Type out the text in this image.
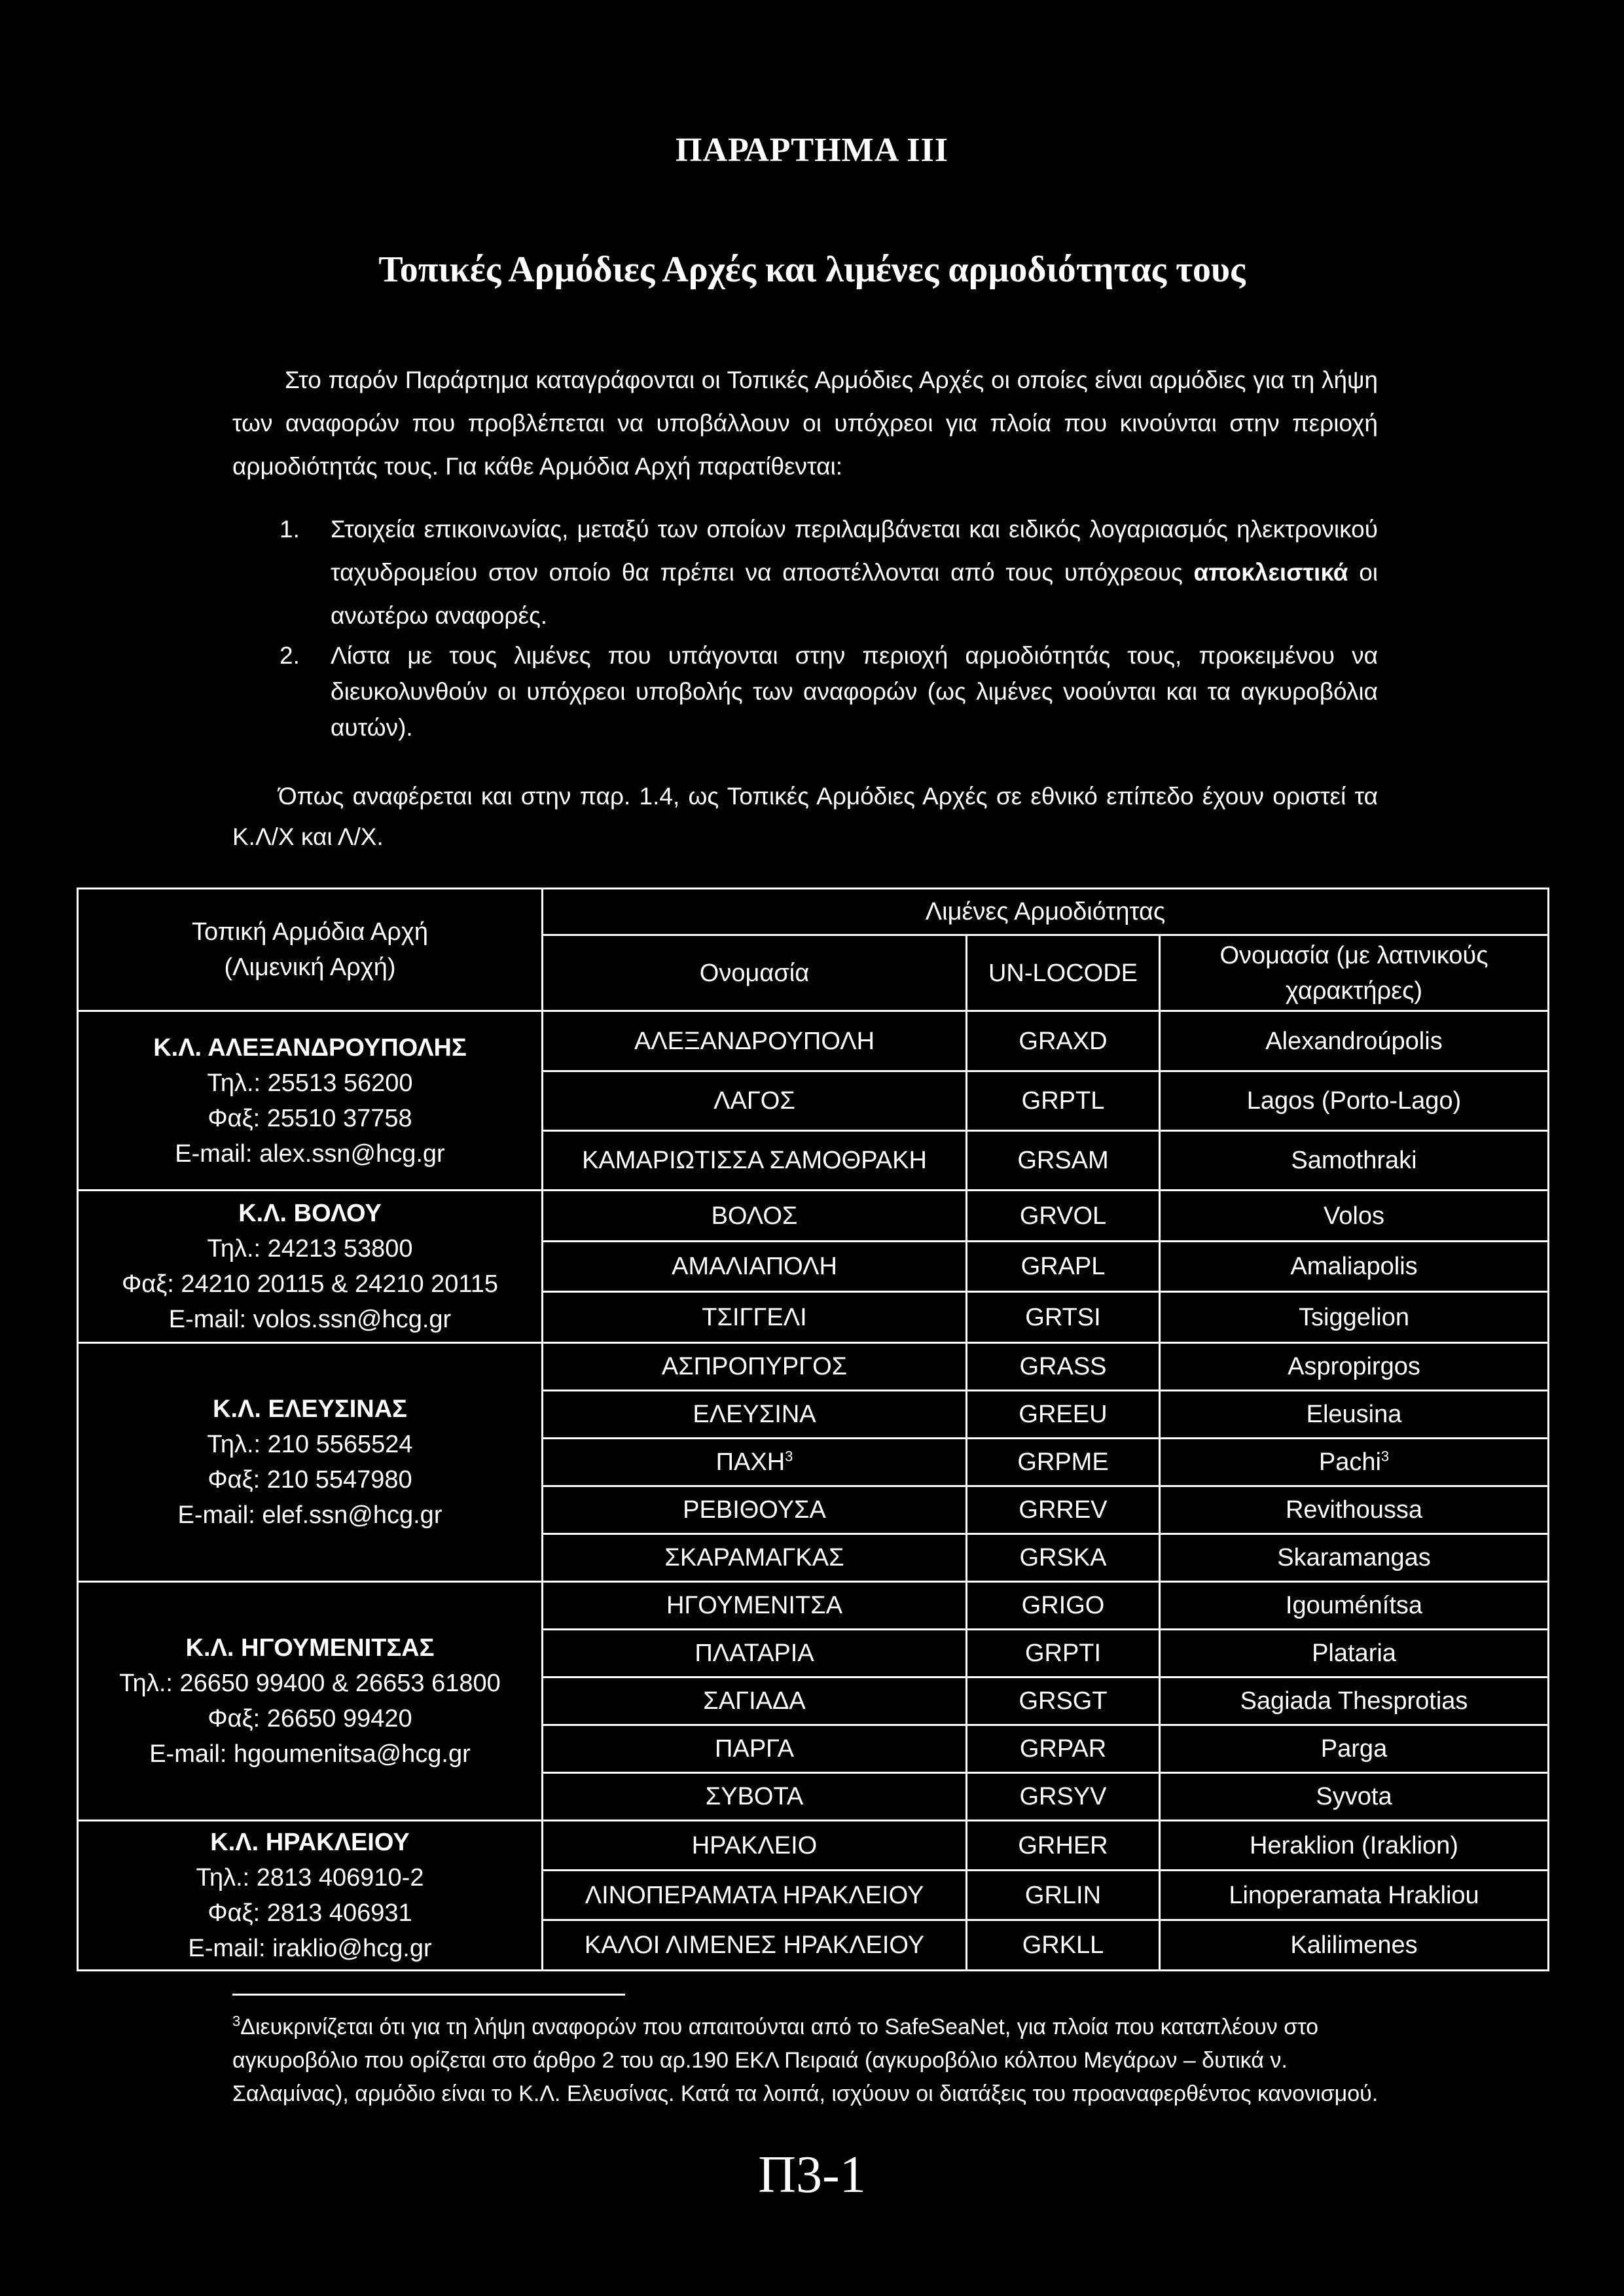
ΠΑΡΑΡΤΗΜΑ ΙΙΙ
Τοπικές Αρμόδιες Αρχές και λιμένες αρμοδιότητας τους

Στο παρόν Παράρτημα καταγράφονται οι Τοπικές Αρμόδιες Αρχές οι οποίες είναι αρμόδιες για τη λήψη των αναφορών που προβλέπεται να υποβάλλουν οι υπόχρεοι για πλοία που κινούνται στην περιοχή αρμοδιότητάς τους. Για κάθε Αρμόδια Αρχή παρατίθενται:

1. Στοιχεία επικοινωνίας, μεταξύ των οποίων περιλαμβάνεται και ειδικός λογαριασμός ηλεκτρονικού ταχυδρομείου στον οποίο θα πρέπει να αποστέλλονται από τους υπόχρεους αποκλειστικά οι ανωτέρω αναφορές.
2. Λίστα με τους λιμένες που υπάγονται στην περιοχή αρμοδιότητάς τους, προκειμένου να διευκολυνθούν οι υπόχρεοι υποβολής των αναφορών (ως λιμένες νοούνται και τα αγκυροβόλια αυτών).

Όπως αναφέρεται και στην παρ. 1.4, ως Τοπικές Αρμόδιες Αρχές σε εθνικό επίπεδο έχουν οριστεί τα Κ.Λ/Χ και Λ/Χ.

Τοπική Αρμόδια Αρχή
(Λιμενική Αρχή)	Λιμένες Αρμοδιότητας		
	Ονομασία	UN-LOCODE	Ονομασία (με λατινικούς χαρακτήρες)

Κ.Λ. ΑΛΕΞΑΝΔΡΟΥΠΟΛΗΣ
Τηλ.: 25513 56200
Φαξ: 25510 37758
E-mail: alex.ssn@hcg.gr	ΑΛΕΞΑΝΔΡΟΥΠΟΛΗ	GRAXD	Alexandroúpolis
	ΛΑΓΟΣ	GRPTL	Lagos (Porto-Lago)
	ΚΑΜΑΡΙΩΤΙΣΣΑ ΣΑΜΟΘΡΑΚΗ	GRSAM	Samothraki

Κ.Λ. ΒΟΛΟΥ
Τηλ.: 24213 53800
Φαξ: 24210 20115 & 24210 20115
E-mail: volos.ssn@hcg.gr	ΒΟΛΟΣ	GRVOL	Volos
	ΑΜΑΛΙΑΠΟΛΗ	GRAPL	Amaliapolis
	ΤΣΙΓΓΕΛΙ	GRTSI	Tsiggelion

Κ.Λ. ΕΛΕΥΣΙΝΑΣ
Τηλ.: 210 5565524
Φαξ: 210 5547980
E-mail: elef.ssn@hcg.gr	ΑΣΠΡΟΠΥΡΓΟΣ	GRASS	Aspropirgos
	ΕΛΕΥΣΙΝΑ	GREEU	Eleusina
	ΠΑΧΗ$^3$	GRPME	Pachi$^3$
	ΡΕΒΙΘΟΥΣΑ	GRREV	Revithoussa
	ΣΚΑΡΑΜΑΓΚΑΣ	GRSKA	Skaramangas

Κ.Λ. ΗΓΟΥΜΕΝΙΤΣΑΣ
Τηλ.: 26650 99400 & 26653 61800
Φαξ: 26650 99420
E-mail: hgoumenitsa@hcg.gr	ΗΓΟΥΜΕΝΙΤΣΑ	GRIGO	Igouménítsa
	ΠΛΑΤΑΡΙΑ	GRPTI	Plataria
	ΣΑΓΙΑΔΑ	GRSGT	Sagiada Thesprotias
	ΠΑΡΓΑ	GRPAR	Parga
	ΣΥΒΟΤΑ	GRSYV	Syvota

Κ.Λ. ΗΡΑΚΛΕΙΟΥ
Τηλ.: 2813 406910-2
Φαξ: 2813 406931
E-mail: iraklio@hcg.gr	ΗΡΑΚΛΕΙΟ	GRHER	Heraklion (Iraklion)
	ΛΙΝΟΠΕΡΑΜΑΤΑ ΗΡΑΚΛΕΙΟΥ	GRLIN	Linoperamata Hrakliou
	ΚΑΛΟΙ ΛΙΜΕΝΕΣ ΗΡΑΚΛΕΙΟΥ	GRKLL	Kalilimenes
$^3$Διευκρινίζεται ότι για τη λήψη αναφορών που απαιτούνται από το SafeSeaNet, για πλοία που καταπλέουν στο αγκυροβόλιο που ορίζεται στο άρθρο 2 του αρ.190 ΕΚΛ Πειραιά (αγκυροβόλιο κόλπου Μεγάρων – δυτικά ν. Σαλαμίνας), αρμόδιο είναι το Κ.Λ. Ελευσίνας. Κατά τα λοιπά, ισχύουν οι διατάξεις του προαναφερθέντος κανονισμού.
Π3-1
